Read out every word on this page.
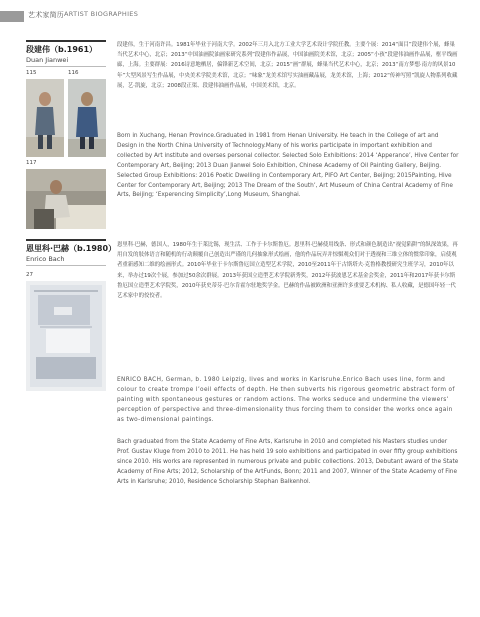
艺术家简历 ARTIST BIOGRAPHIES
段建伟（b.1961）
Duan Jianwei
115	116
117

段建伟，生于河南许昌。1981年毕业于河南大学。2002年三月入北方工业大学艺术设计学院任教。主要个展：2014“面目”段建伟个展，蜂巢当代艺术中心，北京；2013“中国油画院油画家研究系列”段建伟作品展，中国油画院美术馆，北京；2005“小孩”段建伟油画作品展，框平线画廊，上海。主要群展：2016诗意地栖居，偏锋新艺术空间，北京；2015“画”群展，蜂巢当代艺术中心，北京；2013“南方梦想·南方的风景10年”大型风景写生作品展，中央美术学院美术馆，北京；“味象”龙美术馆写实油画藏品展，龙美术馆，上海；2012“传神写照”凯旋人物系列收藏展，艺·凯旋，北京；2008段正渠、段建伟油画作品展，中国美术馆，北京。

Born in Xuchang, Henan Province.Graduated in 1981 from Henan University. He teach in the College of art and Design in the North China University of Technology.Many of his works participate in important exhibition and collected by Art institute and overses personal collector. Selected Solo Exhibitions: 2014 ‘Apperance’, Hive Center for Contemporary Art, Beijing; 2013 Duan Jianwei Solo Exhibition, Chinese Academy of Oil Painting Gallery, Beijing. Selected Group Exhibitions: 2016 Poetic Dwelling in Contemporary Art, PIFO Art Center, Beijing; 2015Painting, Hive Center for Contemporary Art, Beijing; 2013 The Dream of the South’, Art Museum of China Central Academy of Fine Arts, Beijing; ‘Experencing Simplicity’,Long Museum, Shanghai.

恩里科·巴赫（b.1980）
Enrico Bach
27

恩里科·巴赫，德国人，1980年生于莱比锡，现生活、工作于卡尔斯鲁厄。恩里科·巴赫使用线条、形式和颜色制造出“视觉陷阱”的纵深效果，再用自发的肢体语言和随机的行动颠覆自己创造出严谨的几何抽象形式绘画，他的作品玩弄并惊慑观众们对于透视和三维立体的惯常印象，启使观者重新感知二维的绘画形式。2010年毕业于卡尔斯鲁厄国立造型艺术学院，2010至2011年于古斯塔夫·克鲁格教授研究生班学习，2010年以来，举办过19次个展，参加过50余次群展。2013年获国立造型艺术学院新秀奖，2012年获波恩艺术基金会奖金，2011年和2017年获卡尔斯鲁厄国立造型艺术学院奖，2010年获史蒂芬·巴尔肯霍尔驻地奖学金。巴赫的作品被欧洲和亚洲许多重要艺术机构、私人收藏，是德国年轻一代艺术家中的佼佼者。

ENRICO BACH, German, b. 1980 Leipzig, lives and works in Karlsruhe.Enrico Bach uses line, form and colour to create trompe l’oeil effects of depth. He then subverts his rigorous geometric abstract form of painting with spontaneous gestures or random actions. The works seduce and undermine the viewers’ perception of perspective and three-dimensionality thus forcing them to consider the works once again as two-dimensional paintings.

Bach graduated from the State Academy of Fine Arts, Karlsruhe in 2010 and completed his Masters studies under Prof. Gustav Kluge from 2010 to 2011. He has held 19 solo exhibitions and participated in over fifty group exhibitions since 2010. His works are represented in numerous private and public collections. 2013, Debutant award of the State Academy of Fine Arts; 2012, Scholarship of the ArtFunds, Bonn; 2011 and 2007, Winner of the State Academy of Fine Arts in Karlsruhe; 2010, Residence Scholarship Stephan Balkenhol.
